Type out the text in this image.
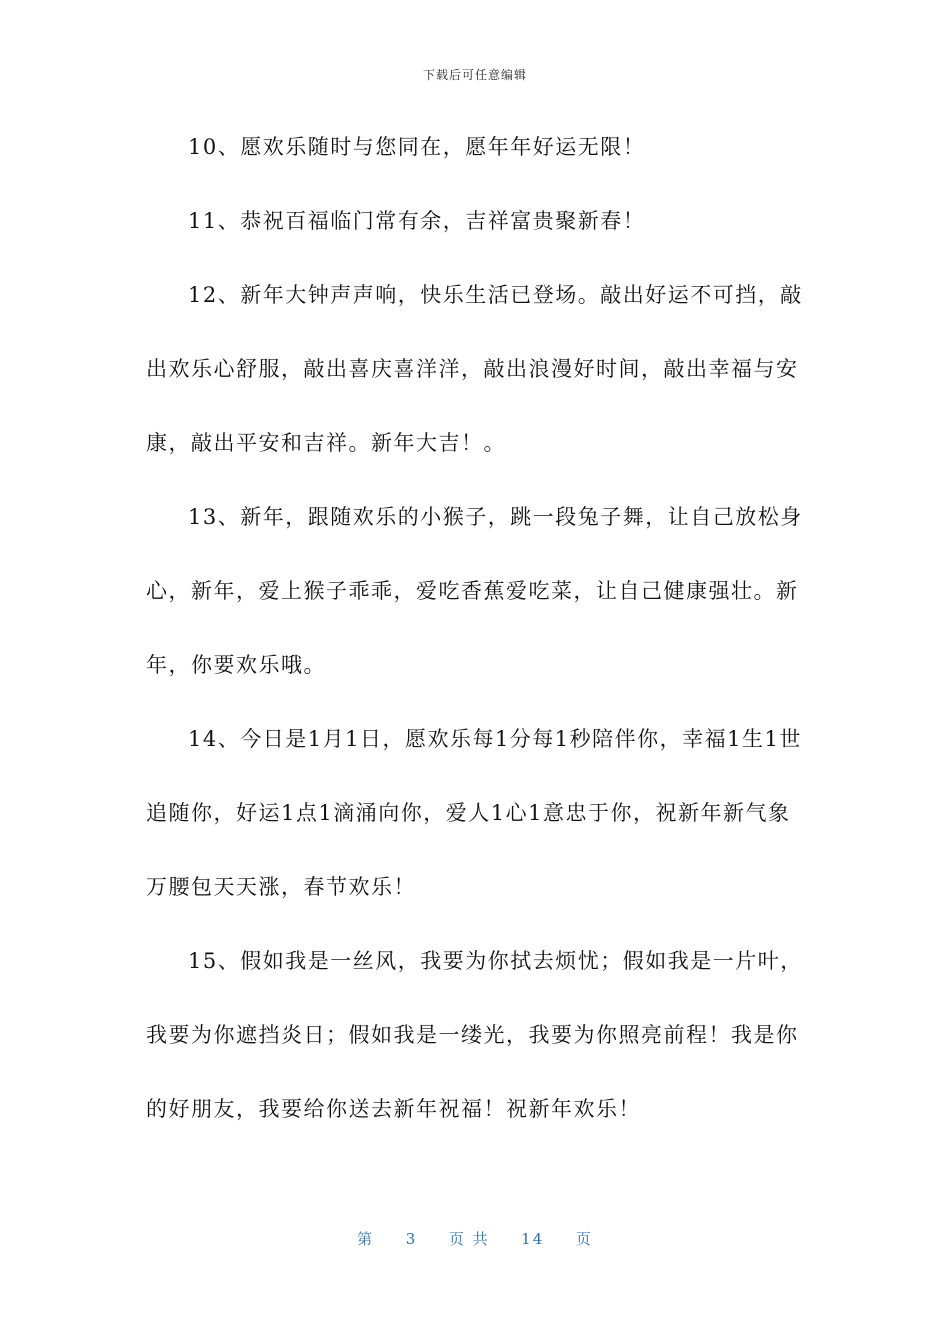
下载后可任意编辑

10、愿欢乐随时与您同在，愿年年好运无限！

11、恭祝百福临门常有余，吉祥富贵聚新春！

12、新年大钟声声响，快乐生活已登场。敲出好运不可挡，敲出欢乐心舒服，敲出喜庆喜洋洋，敲出浪漫好时间，敲出幸福与安康，敲出平安和吉祥。新年大吉！。

13、新年，跟随欢乐的小猴子，跳一段兔子舞，让自己放松身心，新年，爱上猴子乖乖，爱吃香蕉爱吃菜，让自己健康强壮。新年，你要欢乐哦。

14、今日是1月1日，愿欢乐每1分每1秒陪伴你，幸福1生1世追随你，好运1点1滴涌向你，爱人1心1意忠于你，祝新年新气象万腰包天天涨，春节欢乐！

15、假如我是一丝风，我要为你拭去烦忧；假如我是一片叶，我要为你遮挡炎日；假如我是一缕光，我要为你照亮前程！我是你的好朋友，我要给你送去新年祝福！祝新年欢乐！

第 3 页 共 14 页
